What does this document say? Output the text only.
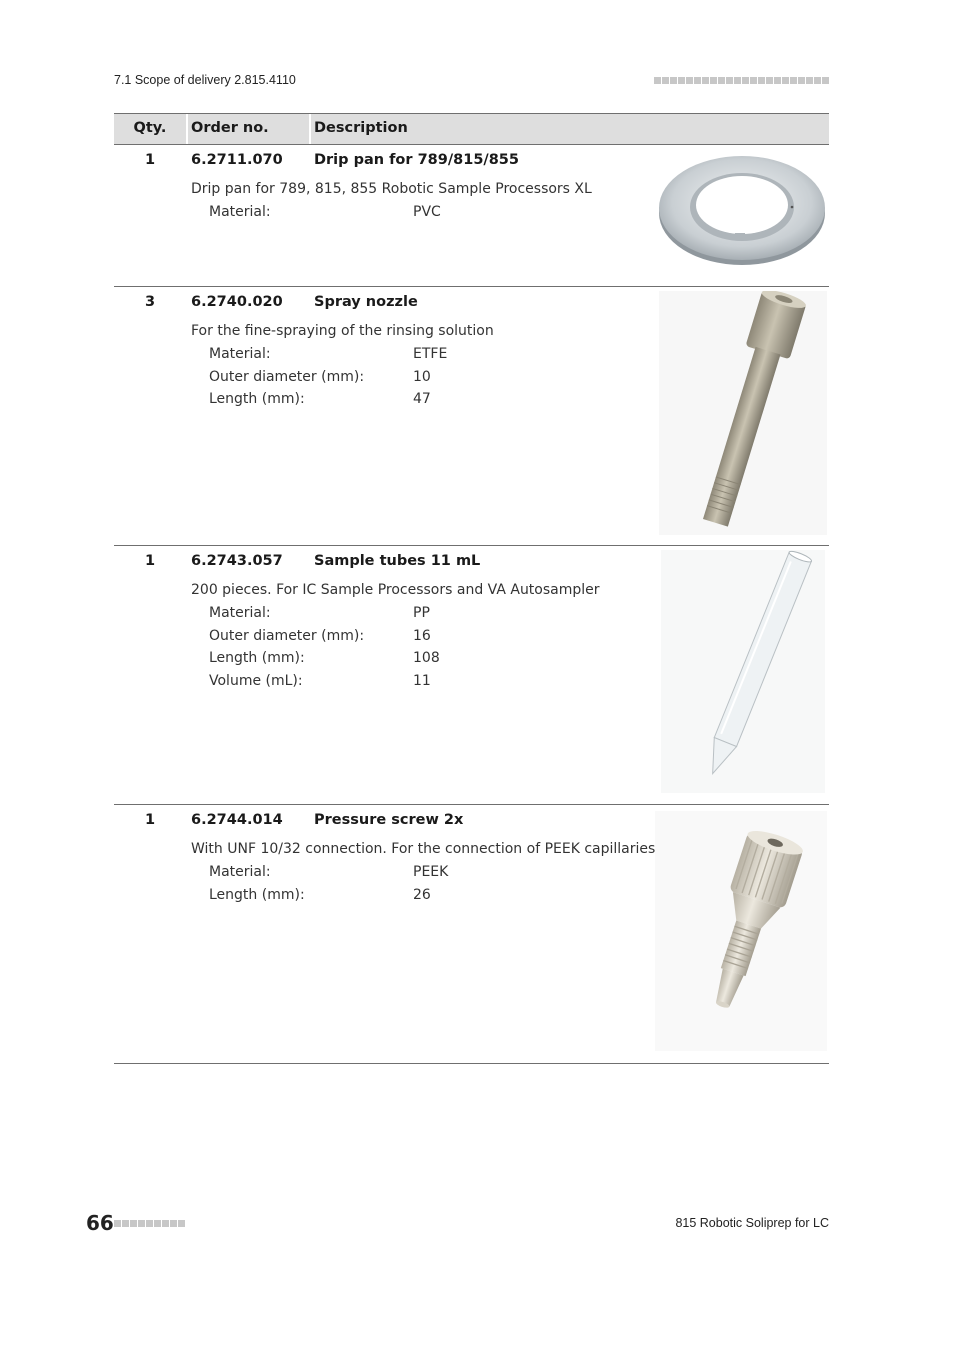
7.1 Scope of delivery 2.815.4110
Qty.	Order no.	Description
1	6.2711.070 Drip pan for 789/815/855
Drip pan for 789, 815, 855 Robotic Sample Processors XL
Material:	PVC
3	6.2740.020 Spray nozzle
For the fine-spraying of the rinsing solution
Material:	ETFE
Outer diameter (mm):	10
Length (mm):	47
1	6.2743.057 Sample tubes 11 mL
200 pieces. For IC Sample Processors and VA Autosampler
Material:	PP
Outer diameter (mm):	16
Length (mm):	108
Volume (mL):	11
1	6.2744.014 Pressure screw 2x
With UNF 10/32 connection. For the connection of PEEK capillaries
Material:	PEEK
Length (mm):	26
66	815 Robotic Soliprep for LC
